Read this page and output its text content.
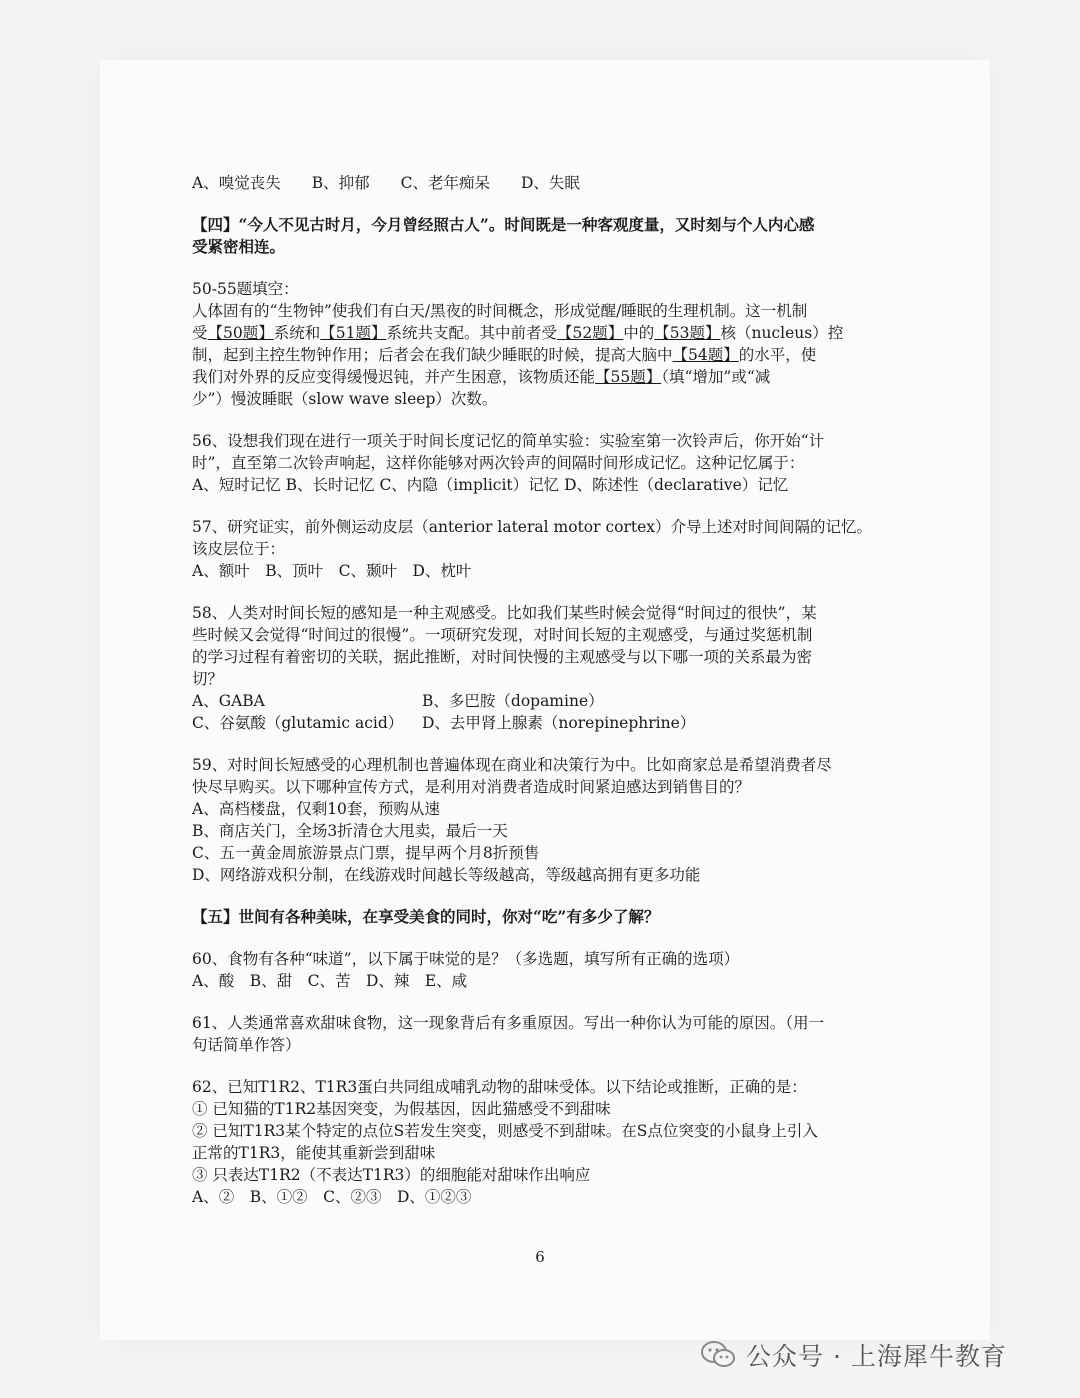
A、嗅觉丧失　　B、抑郁　　C、老年痴呆　　D、失眠
【四】“今人不见古时月，今月曾经照古人”。时间既是一种客观度量，又时刻与个人内心感
受紧密相连。
50-55题填空：
人体固有的“生物钟”使我们有白天/黑夜的时间概念，形成觉醒/睡眠的生理机制。这一机制
受【50题】系统和【51题】系统共支配。其中前者受【52题】中的【53题】核（nucleus）控
制，起到主控生物钟作用；后者会在我们缺少睡眠的时候，提高大脑中【54题】的水平，使
我们对外界的反应变得缓慢迟钝，并产生困意，该物质还能【55题】（填“增加”或“减
少”）慢波睡眠（slow wave sleep）次数。
56、设想我们现在进行一项关于时间长度记忆的简单实验：实验室第一次铃声后，你开始“计
时”，直至第二次铃声响起，这样你能够对两次铃声的间隔时间形成记忆。这种记忆属于：
A、短时记忆 B、长时记忆 C、内隐（implicit）记忆 D、陈述性（declarative）记忆
57、研究证实，前外侧运动皮层（anterior lateral motor cortex）介导上述对时间间隔的记忆。
该皮层位于：
A、额叶　B、顶叶　C、颞叶　D、枕叶
58、人类对时间长短的感知是一种主观感受。比如我们某些时候会觉得“时间过的很快”，某
些时候又会觉得“时间过的很慢”。一项研究发现，对时间长短的主观感受，与通过奖惩机制
的学习过程有着密切的关联，据此推断，对时间快慢的主观感受与以下哪一项的关系最为密
切？
A、GABA	B、多巴胺（dopamine）
C、谷氨酸（glutamic acid）	D、去甲肾上腺素（norepinephrine）
59、对时间长短感受的心理机制也普遍体现在商业和决策行为中。比如商家总是希望消费者尽
快尽早购买。以下哪种宣传方式，是利用对消费者造成时间紧迫感达到销售目的？
A、高档楼盘，仅剩10套，预购从速
B、商店关门，全场3折清仓大甩卖，最后一天
C、五一黄金周旅游景点门票，提早两个月8折预售
D、网络游戏积分制，在线游戏时间越长等级越高，等级越高拥有更多功能
【五】世间有各种美味，在享受美食的同时，你对“吃”有多少了解？
60、食物有各种“味道”，以下属于味觉的是？（多选题，填写所有正确的选项）
A、酸　B、甜　C、苦　D、辣　E、咸
61、人类通常喜欢甜味食物，这一现象背后有多重原因。写出一种你认为可能的原因。（用一
句话简单作答）
62、已知T1R2、T1R3蛋白共同组成哺乳动物的甜味受体。以下结论或推断，正确的是：
① 已知猫的T1R2基因突变，为假基因，因此猫感受不到甜味
② 已知T1R3某个特定的点位S若发生突变，则感受不到甜味。在S点位突变的小鼠身上引入
正常的T1R3，能使其重新尝到甜味
③ 只表达T1R2（不表达T1R3）的细胞能对甜味作出响应
A、②　B、①②　C、②③　D、①②③
6
公众号 · 上海犀牛教育
